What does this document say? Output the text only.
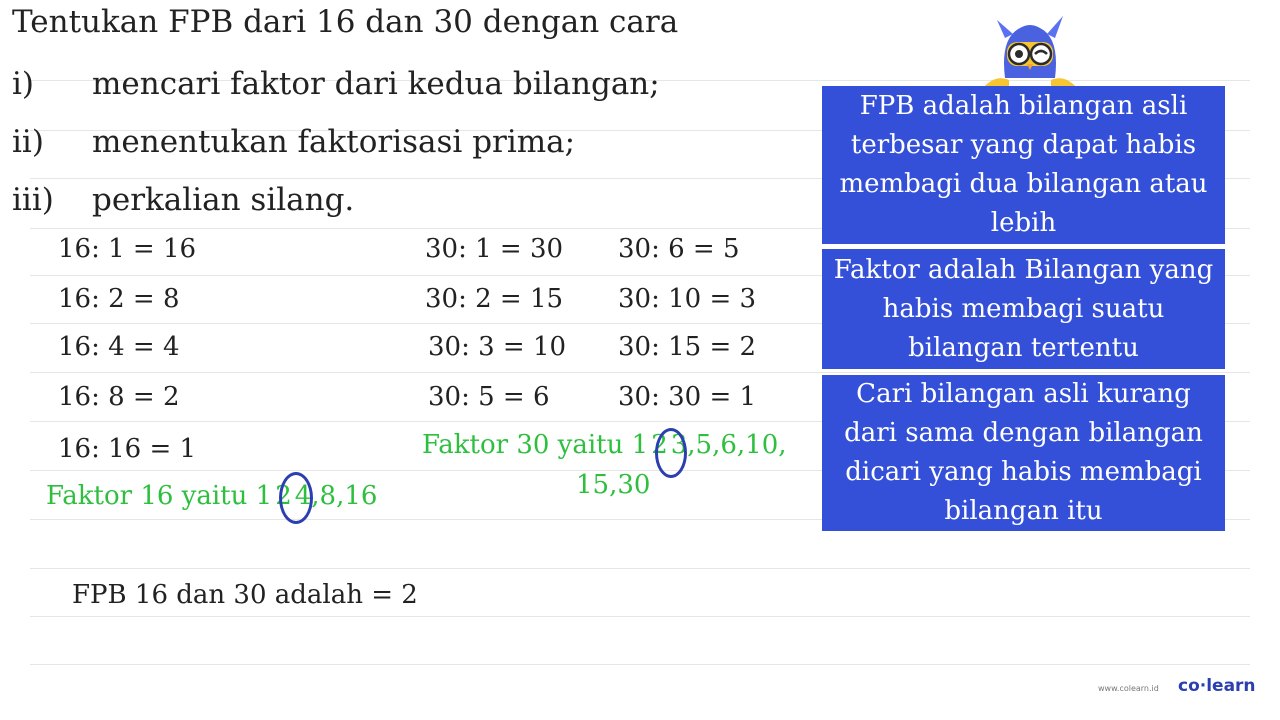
Tentukan FPB dari 16 dan 30 dengan cara
i) mencari faktor dari kedua bilangan;
ii) menentukan faktorisasi prima;
iii) perkalian silang.
16: 1 = 16
16: 2 = 8
16: 4 = 4
16: 8 = 2
16: 16 = 1
30: 1 = 30
30: 2 = 15
30: 3 = 10
30: 5 = 6
30: 6 = 5
30: 10 = 3
30: 15 = 2
30: 30 = 1
Faktor 30 yaitu 1 2 3,5,6,10,
15,30
Faktor 16 yaitu 1 2 4,8,16
FPB 16 dan 30 adalah = 2
FPB adalah bilangan asli terbesar yang dapat habis membagi dua bilangan atau lebih
Faktor adalah Bilangan yang habis membagi suatu bilangan tertentu
Cari bilangan asli kurang dari sama dengan bilangan dicari yang habis membagi bilangan itu
www.colearn.id co·learn
